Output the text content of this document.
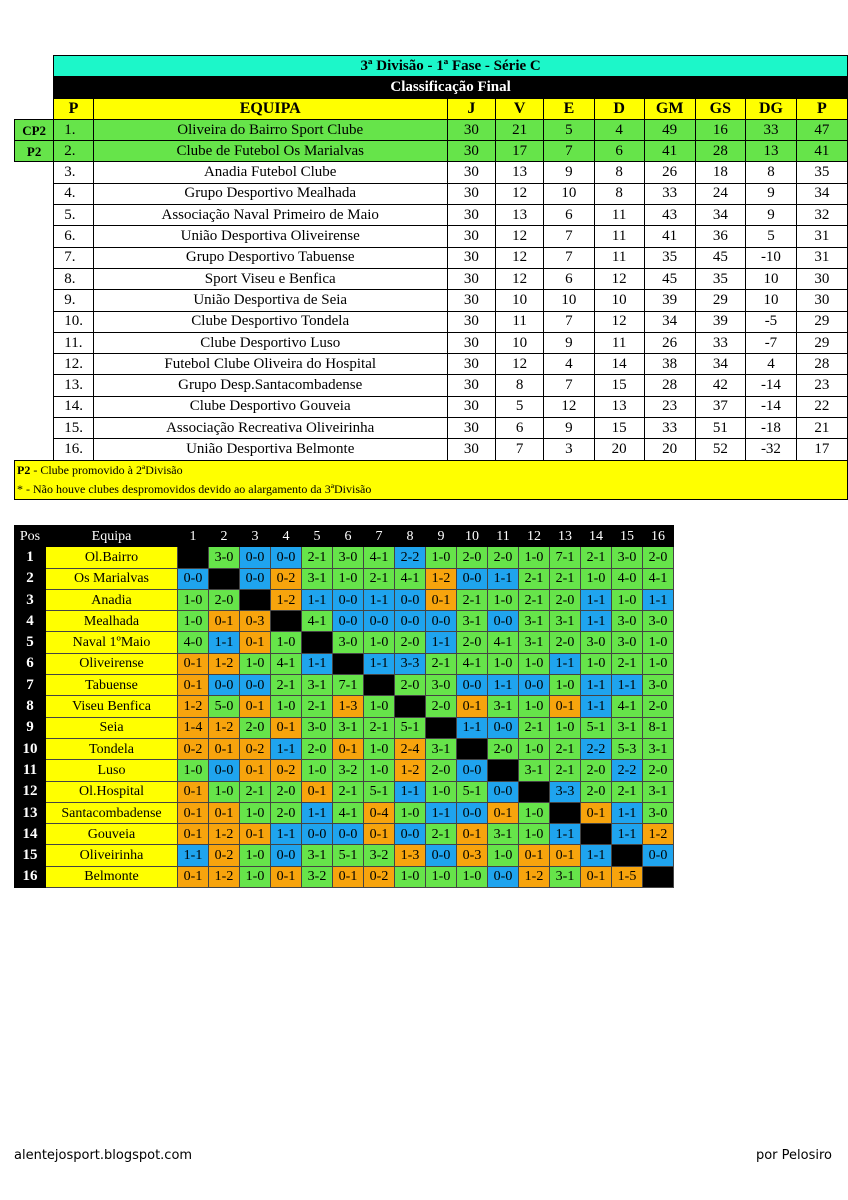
	3ª Divisão - 1ª Fase - Série C									
	Classificação Final									
	P	EQUIPA	J	V	E	D	GM	GS	DG	P
CP2	1.	Oliveira do Bairro Sport Clube	30	21	5	4	49	16	33	47
P2	2.	Clube de Futebol Os Marialvas	30	17	7	6	41	28	13	41
	3.	Anadia Futebol Clube	30	13	9	8	26	18	8	35
	4.	Grupo Desportivo Mealhada	30	12	10	8	33	24	9	34
	5.	Associação Naval Primeiro de Maio	30	13	6	11	43	34	9	32
	6.	União Desportiva Oliveirense	30	12	7	11	41	36	5	31
	7.	Grupo Desportivo Tabuense	30	12	7	11	35	45	-10	31
	8.	Sport Viseu e Benfica	30	12	6	12	45	35	10	30
	9.	União Desportiva de Seia	30	10	10	10	39	29	10	30
	10.	Clube Desportivo Tondela	30	11	7	12	34	39	-5	29
	11.	Clube Desportivo Luso	30	10	9	11	26	33	-7	29
	12.	Futebol Clube Oliveira do Hospital	30	12	4	14	38	34	4	28
	13.	Grupo Desp.Santacombadense	30	8	7	15	28	42	-14	23
	14.	Clube Desportivo Gouveia	30	5	12	13	23	37	-14	22
	15.	Associação Recreativa Oliveirinha	30	6	9	15	33	51	-18	21
	16.	União Desportiva Belmonte	30	7	3	20	20	52	-32	17
P2 - Clube promovido à 2ªDivisão										
* - Não houve clubes despromovidos devido ao alargamento da 3ªDivisão										
Pos	Equipa	1	2	3	4	5	6	7	8	9	10	11	12	13	14	15	16
1	Ol.Bairro		3-0	0-0	0-0	2-1	3-0	4-1	2-2	1-0	2-0	2-0	1-0	7-1	2-1	3-0	2-0
2	Os Marialvas	0-0		0-0	0-2	3-1	1-0	2-1	4-1	1-2	0-0	1-1	2-1	2-1	1-0	4-0	4-1
3	Anadia	1-0	2-0		1-2	1-1	0-0	1-1	0-0	0-1	2-1	1-0	2-1	2-0	1-1	1-0	1-1
4	Mealhada	1-0	0-1	0-3		4-1	0-0	0-0	0-0	0-0	3-1	0-0	3-1	3-1	1-1	3-0	3-0
5	Naval 1ºMaio	4-0	1-1	0-1	1-0		3-0	1-0	2-0	1-1	2-0	4-1	3-1	2-0	3-0	3-0	1-0
6	Oliveirense	0-1	1-2	1-0	4-1	1-1		1-1	3-3	2-1	4-1	1-0	1-0	1-1	1-0	2-1	1-0
7	Tabuense	0-1	0-0	0-0	2-1	3-1	7-1		2-0	3-0	0-0	1-1	0-0	1-0	1-1	1-1	3-0
8	Viseu Benfica	1-2	5-0	0-1	1-0	2-1	1-3	1-0		2-0	0-1	3-1	1-0	0-1	1-1	4-1	2-0
9	Seia	1-4	1-2	2-0	0-1	3-0	3-1	2-1	5-1		1-1	0-0	2-1	1-0	5-1	3-1	8-1
10	Tondela	0-2	0-1	0-2	1-1	2-0	0-1	1-0	2-4	3-1		2-0	1-0	2-1	2-2	5-3	3-1
11	Luso	1-0	0-0	0-1	0-2	1-0	3-2	1-0	1-2	2-0	0-0		3-1	2-1	2-0	2-2	2-0
12	Ol.Hospital	0-1	1-0	2-1	2-0	0-1	2-1	5-1	1-1	1-0	5-1	0-0		3-3	2-0	2-1	3-1
13	Santacombadense	0-1	0-1	1-0	2-0	1-1	4-1	0-4	1-0	1-1	0-0	0-1	1-0		0-1	1-1	3-0
14	Gouveia	0-1	1-2	0-1	1-1	0-0	0-0	0-1	0-0	2-1	0-1	3-1	1-0	1-1		1-1	1-2
15	Oliveirinha	1-1	0-2	1-0	0-0	3-1	5-1	3-2	1-3	0-0	0-3	1-0	0-1	0-1	1-1		0-0
16	Belmonte	0-1	1-2	1-0	0-1	3-2	0-1	0-2	1-0	1-0	1-0	0-0	1-2	3-1	0-1	1-5	
alentejosport.blogspot.com	por Pelosiro
